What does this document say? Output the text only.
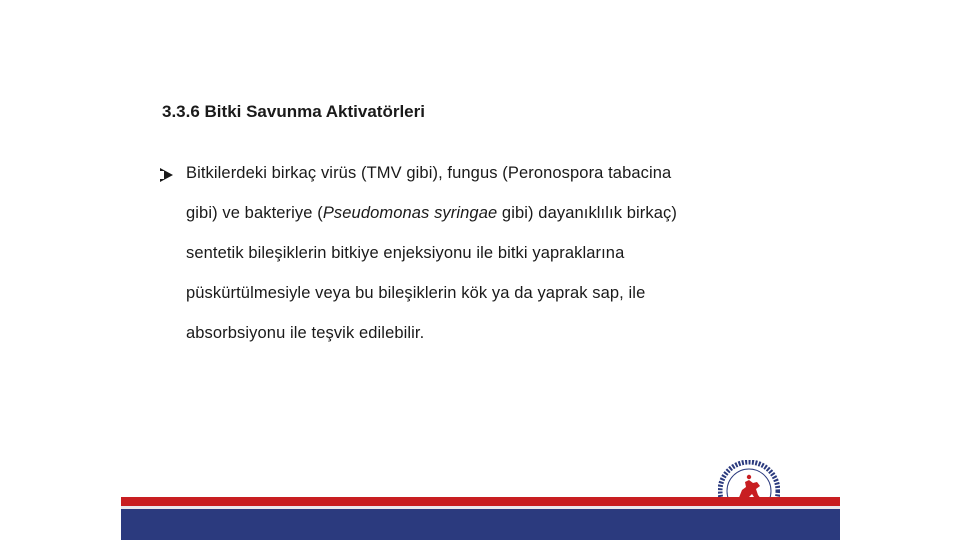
3.3.6 Bitki Savunma Aktivatörleri
Bitkilerdeki birkaç virüs (TMV gibi), fungus (Peronospora tabacina
gibi) ve bakteriye (Pseudomonas syringae gibi) dayanıklılık birkaç)
sentetik bileşiklerin bitkiye enjeksiyonu ile bitki yapraklarına
püskürtülmesiyle veya bu bileşiklerin kök ya da yaprak sap, ile
absorbsiyonu ile teşvik edilebilir.
